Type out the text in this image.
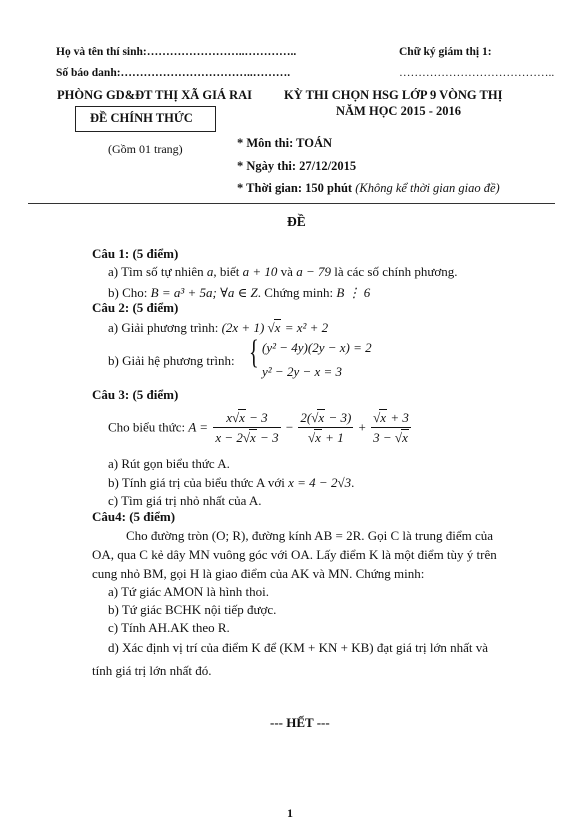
Họ và tên thí sinh:……………………..…………..
Số báo danh:……………………………..……….
Chữ ký giám thị 1:
…………………………………..
PHÒNG GD&ĐT THỊ XÃ GIÁ RAI	KỲ THI CHỌN HSG LỚP 9 VÒNG THỊ
NĂM HỌC 2015 - 2016
ĐỀ CHÍNH THỨC
(Gồm 01 trang)	* Môn thi: TOÁN
* Ngày thi: 27/12/2015
* Thời gian: 150 phút (Không kể thời gian giao đề)
ĐỀ
Câu 1: (5 điểm)
a) Tìm số tự nhiên a, biết a + 10 và a − 79 là các số chính phương.
b) Cho: B = a³ + 5a; ∀a ∈ Z. Chứng minh: B ⋮ 6
Câu 2: (5 điểm)
a) Giải phương trình: (2x + 1) √x = x² + 2
b) Giải hệ phương trình: { (y² − 4y)(2y − x) = 2
y² − 2y − x = 3
Câu 3: (5 điểm)
Cho biểu thức: $A = \frac{x√x - 3}{x - 2√x - 3} - \frac{2(√x - 3)}{√x + 1} + \frac{√x + 3}{3 - √x}$
a) Rút gọn biểu thức A.
b) Tính giá trị của biểu thức A với x = 4 − 2√3.
c) Tìm giá trị nhỏ nhất của A.
Câu4: (5 điểm)
Cho đường tròn (O; R), đường kính AB = 2R. Gọi C là trung điểm của
OA, qua C kẻ dây MN vuông góc với OA. Lấy điểm K là một điểm tùy ý trên
cung nhỏ BM, gọi H là giao điểm của AK và MN. Chứng minh:
a) Tứ giác AMON là hình thoi.
b) Tứ giác BCHK nội tiếp được.
c) Tính AH.AK theo R.
d) Xác định vị trí của điểm K để (KM + KN + KB) đạt giá trị lớn nhất và
tính giá trị lớn nhất đó.
--- HẾT ---
1
